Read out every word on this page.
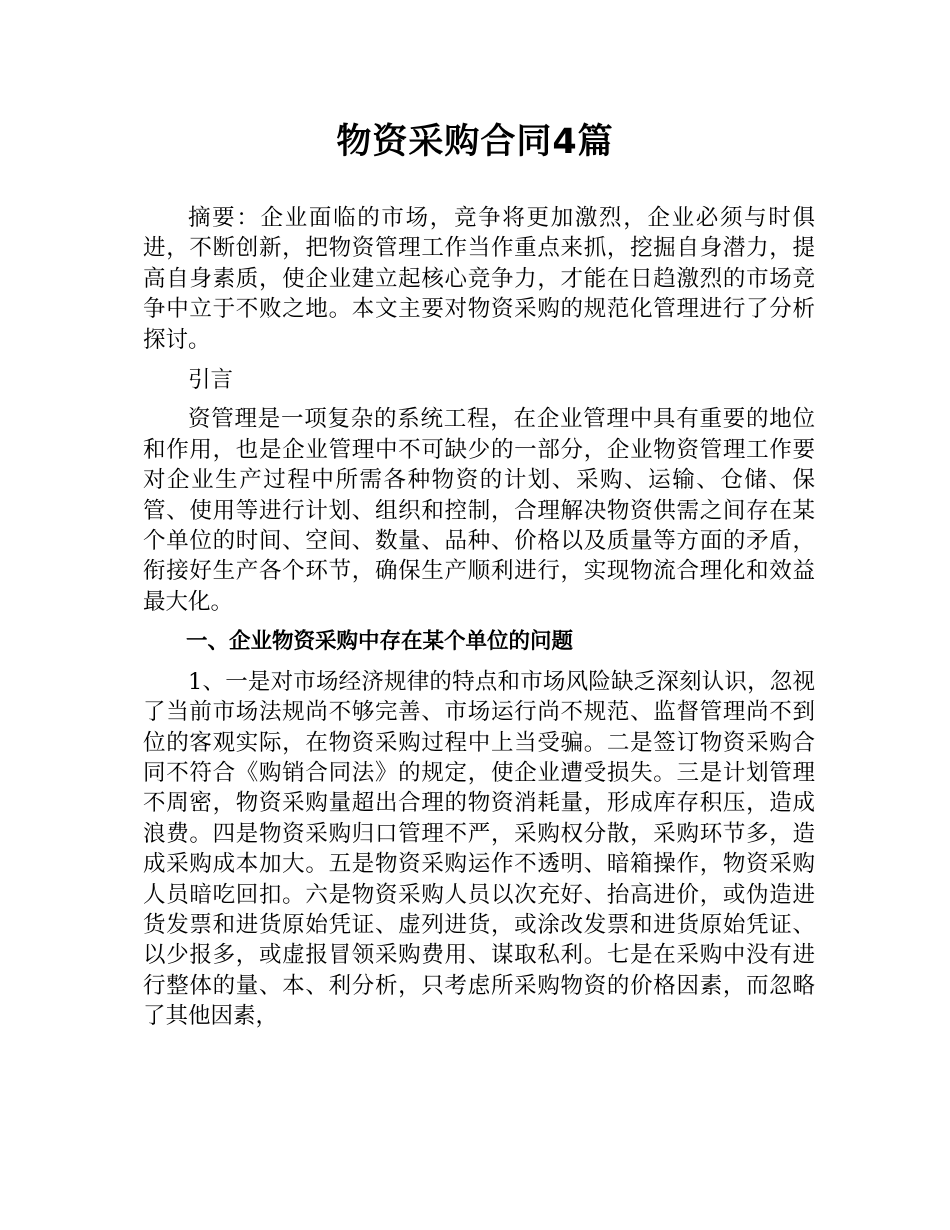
物资采购合同4篇

摘要：企业面临的市场，竞争将更加激烈，企业必须与时俱进，不断创新，把物资管理工作当作重点来抓，挖掘自身潜力，提高自身素质，使企业建立起核心竞争力，才能在日趋激烈的市场竞争中立于不败之地。本文主要对物资采购的规范化管理进行了分析探讨。

引言

资管理是一项复杂的系统工程，在企业管理中具有重要的地位和作用，也是企业管理中不可缺少的一部分，企业物资管理工作要对企业生产过程中所需各种物资的计划、采购、运输、仓储、保管、使用等进行计划、组织和控制，合理解决物资供需之间存在某个单位的时间、空间、数量、品种、价格以及质量等方面的矛盾，衔接好生产各个环节，确保生产顺利进行，实现物流合理化和效益最大化。

一、企业物资采购中存在某个单位的问题

1、一是对市场经济规律的特点和市场风险缺乏深刻认识，忽视了当前市场法规尚不够完善、市场运行尚不规范、监督管理尚不到位的客观实际，在物资采购过程中上当受骗。二是签订物资采购合同不符合《购销合同法》的规定，使企业遭受损失。三是计划管理不周密，物资采购量超出合理的物资消耗量，形成库存积压，造成浪费。四是物资采购归口管理不严，采购权分散，采购环节多，造成采购成本加大。五是物资采购运作不透明、暗箱操作，物资采购人员暗吃回扣。六是物资采购人员以次充好、抬高进价，或伪造进货发票和进货原始凭证、虚列进货，或涂改发票和进货原始凭证、以少报多，或虚报冒领采购费用、谋取私利。七是在采购中没有进行整体的量、本、利分析，只考虑所采购物资的价格因素，而忽略了其他因素，
